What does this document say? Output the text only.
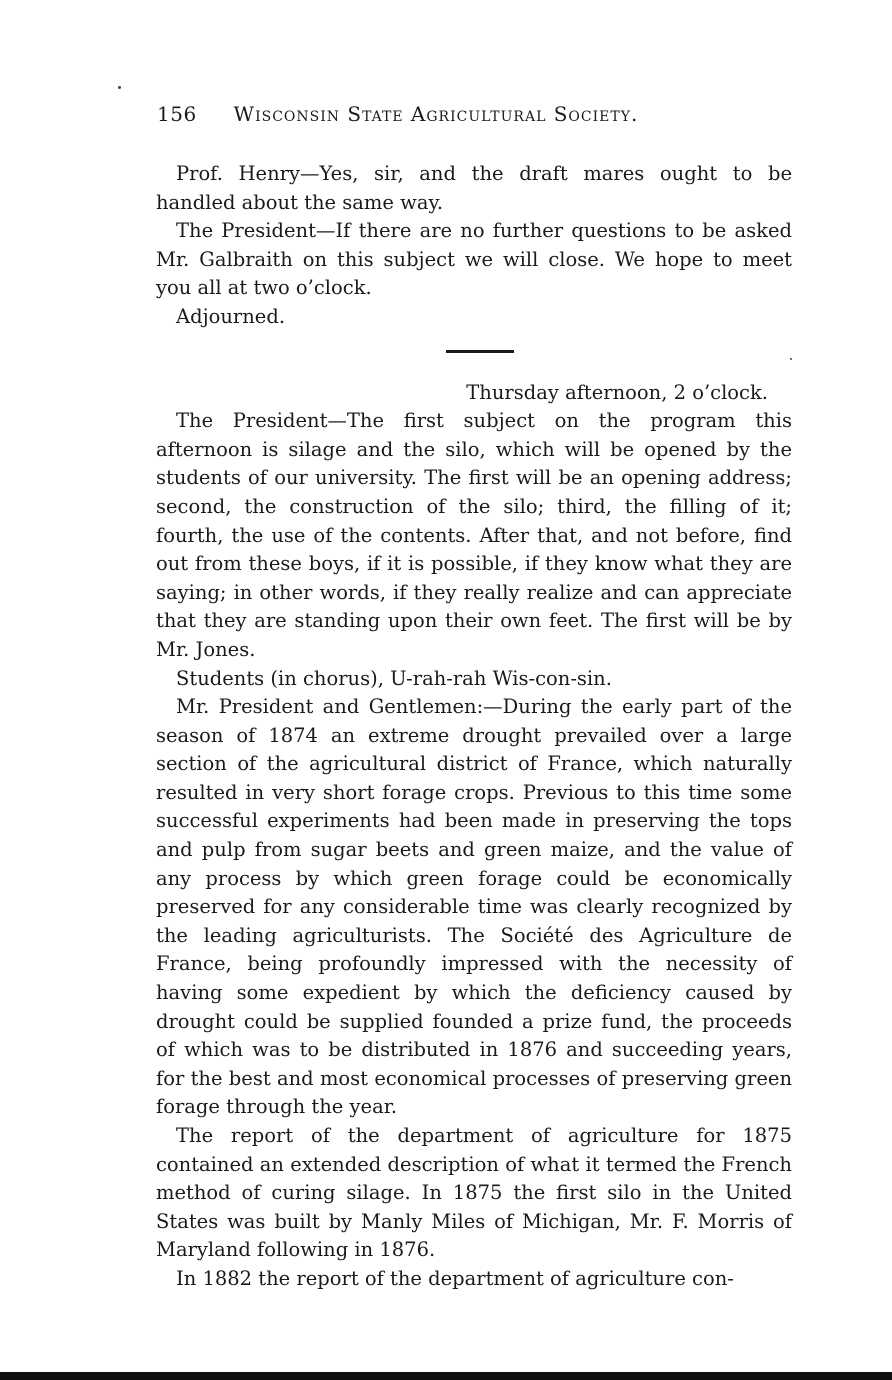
156 Wisconsin State Agricultural Society.

Prof. Henry—Yes, sir, and the draft mares ought to be handled about the same way.

The President—If there are no further questions to be asked Mr. Galbraith on this subject we will close. We hope to meet you all at two o’clock.

Adjourned.

Thursday afternoon, 2 o’clock.

The President—The first subject on the program this afternoon is silage and the silo, which will be opened by the students of our university. The first will be an opening address; second, the construction of the silo; third, the filling of it; fourth, the use of the contents. After that, and not before, find out from these boys, if it is possible, if they know what they are saying; in other words, if they really realize and can appreciate that they are standing upon their own feet. The first will be by Mr. Jones.

Students (in chorus), U-rah-rah Wis-con-sin.

Mr. President and Gentlemen:—During the early part of the season of 1874 an extreme drought prevailed over a large section of the agricultural district of France, which naturally resulted in very short forage crops. Previous to this time some successful experiments had been made in preserving the tops and pulp from sugar beets and green maize, and the value of any process by which green forage could be economically preserved for any considerable time was clearly recognized by the leading agriculturists. The Société des Agriculture de France, being profoundly impressed with the necessity of having some expedient by which the deficiency caused by drought could be supplied founded a prize fund, the proceeds of which was to be distributed in 1876 and succeeding years, for the best and most economical processes of preserving green forage through the year.

The report of the department of agriculture for 1875 contained an extended description of what it termed the French method of curing silage. In 1875 the first silo in the United States was built by Manly Miles of Michigan, Mr. F. Morris of Maryland following in 1876.

In 1882 the report of the department of agriculture con-
